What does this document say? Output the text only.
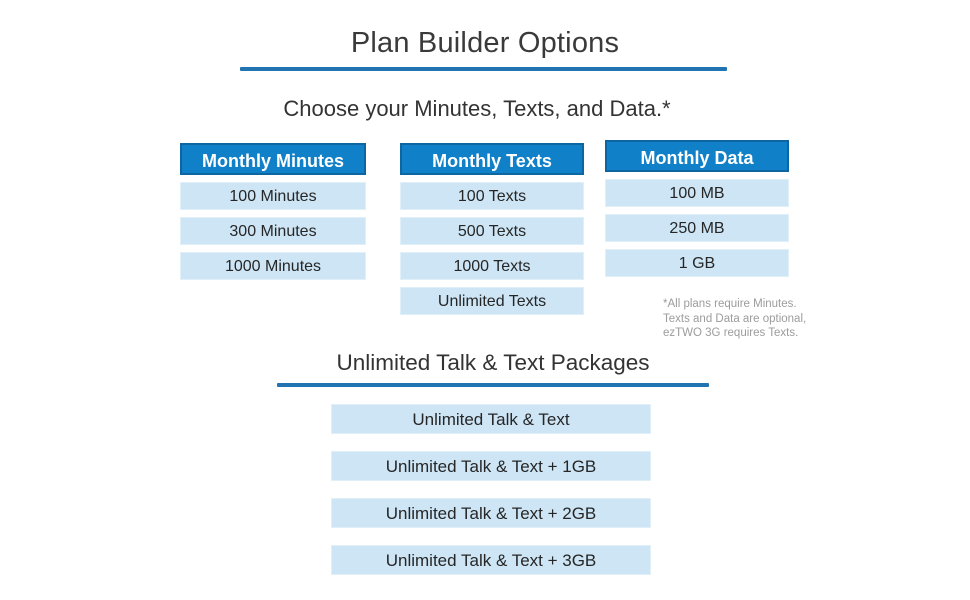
Plan Builder Options
Choose your Minutes, Texts, and Data.*
Monthly Minutes
100 Minutes
300 Minutes
1000 Minutes
Monthly Texts
100 Texts
500 Texts
1000 Texts
Unlimited Texts
Monthly Data
100 MB
250 MB
1 GB
*All plans require Minutes.
Texts and Data are optional,
ezTWO 3G requires Texts.
Unlimited Talk & Text Packages
Unlimited Talk & Text
Unlimited Talk & Text + 1GB
Unlimited Talk & Text + 2GB
Unlimited Talk & Text + 3GB
